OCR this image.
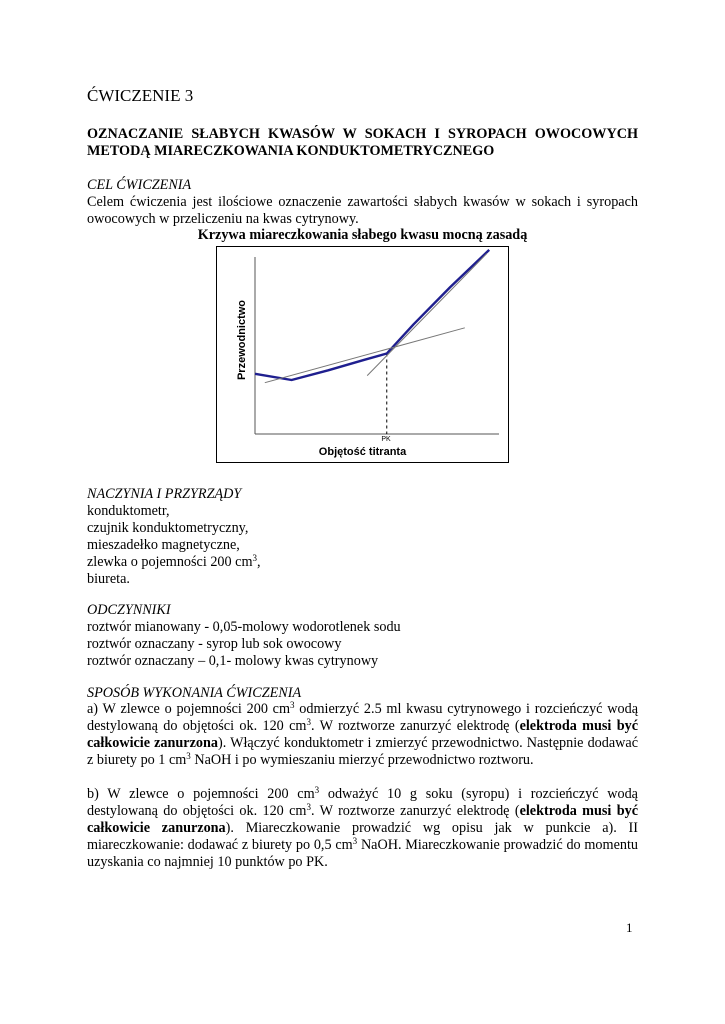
ĆWICZENIE 3
OZNACZANIE SŁABYCH KWASÓW W SOKACH I SYROPACH OWOCOWYCH METODĄ MIARECZKOWANIA KONDUKTOMETRYCZNEGO
CEL ĆWICZENIA
Celem ćwiczenia jest ilościowe oznaczenie zawartości słabych kwasów w sokach i syropach owocowych w przeliczeniu na kwas cytrynowy.
Krzywa miareczkowania słabego kwasu mocną zasadą
Przewodnictwo
PK
Objętość titranta
NACZYNIA I PRZYRZĄDY
konduktometr,
czujnik konduktometryczny,
mieszadełko magnetyczne,
zlewka o pojemności 200 $cm^3$,
biureta.
ODCZYNNIKI
roztwór mianowany - 0,05-molowy wodorotlenek sodu
roztwór oznaczany - syrop lub sok owocowy
roztwór oznaczany – 0,1- molowy kwas cytrynowy
SPOSÓB WYKONANIA ĆWICZENIA
a) W zlewce o pojemności 200 $cm^3$ odmierzyć 2.5 ml kwasu cytrynowego i rozcieńczyć wodą destylowaną do objętości ok. 120 $cm^3$. W roztworze zanurzyć elektrodę (elektroda musi być całkowicie zanurzona). Włączyć konduktometr i zmierzyć przewodnictwo. Następnie dodawać z biurety po 1 $cm^3$ NaOH i po wymieszaniu mierzyć przewodnictwo roztworu.
b) W zlewce o pojemności 200 $cm^3$ odważyć 10 g soku (syropu) i rozcieńczyć wodą destylowaną do objętości ok. 120 $cm^3$. W roztworze zanurzyć elektrodę (elektroda musi być całkowicie zanurzona). Miareczkowanie prowadzić wg opisu jak w punkcie a). II miareczkowanie: dodawać z biurety po 0,5 $cm^3$ NaOH. Miareczkowanie prowadzić do momentu uzyskania co najmniej 10 punktów po PK.
1
